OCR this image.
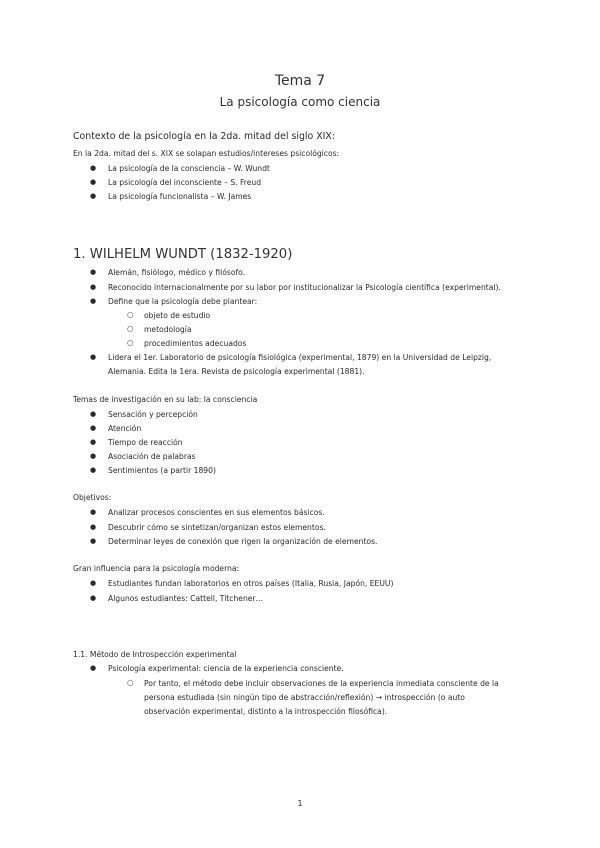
Tema 7
La psicología como ciencia
Contexto de la psicología en la 2da. mitad del siglo XIX:
En la 2da. mitad del s. XIX se solapan estudios/intereses psicológicos:
● La psicología de la consciencia – W. Wundt
● La psicología del inconsciente – S. Freud
● La psicología funcionalista – W. James
1. WILHELM WUNDT (1832-1920)
● Alemán, fisiólogo, médico y filósofo.
● Reconocido internacionalmente por su labor por institucionalizar la Psicología científica (experimental).
● Define que la psicología debe plantear:
○ objeto de estudio
○ metodología
○ procedimientos adecuados
● Lidera el 1er. Laboratorio de psicología fisiológica (experimental, 1879) en la Universidad de Leipzig,
Alemania. Edita la 1era. Revista de psicología experimental (1881).
Temas de investigación en su lab: la consciencia
● Sensación y percepción
● Atención
● Tiempo de reacción
● Asociación de palabras
● Sentimientos (a partir 1890)
Objetivos:
● Analizar procesos conscientes en sus elementos básicos.
● Descubrir cómo se sintetizan/organizan estos elementos.
● Determinar leyes de conexión que rigen la organización de elementos.
Gran influencia para la psicología moderna:
● Estudiantes fundan laboratorios en otros países (Italia, Rusia, Japón, EEUU)
● Algunos estudiantes: Cattell, Titchener…
1.1. Método de Introspección experimental
● Psicología experimental: ciencia de la experiencia consciente.
○ Por tanto, el método debe incluir observaciones de la experiencia inmediata consciente de la
persona estudiada (sin ningún tipo de abstracción/reflexión) → introspección (o auto
observación experimental, distinto a la introspección filosófica).
1
